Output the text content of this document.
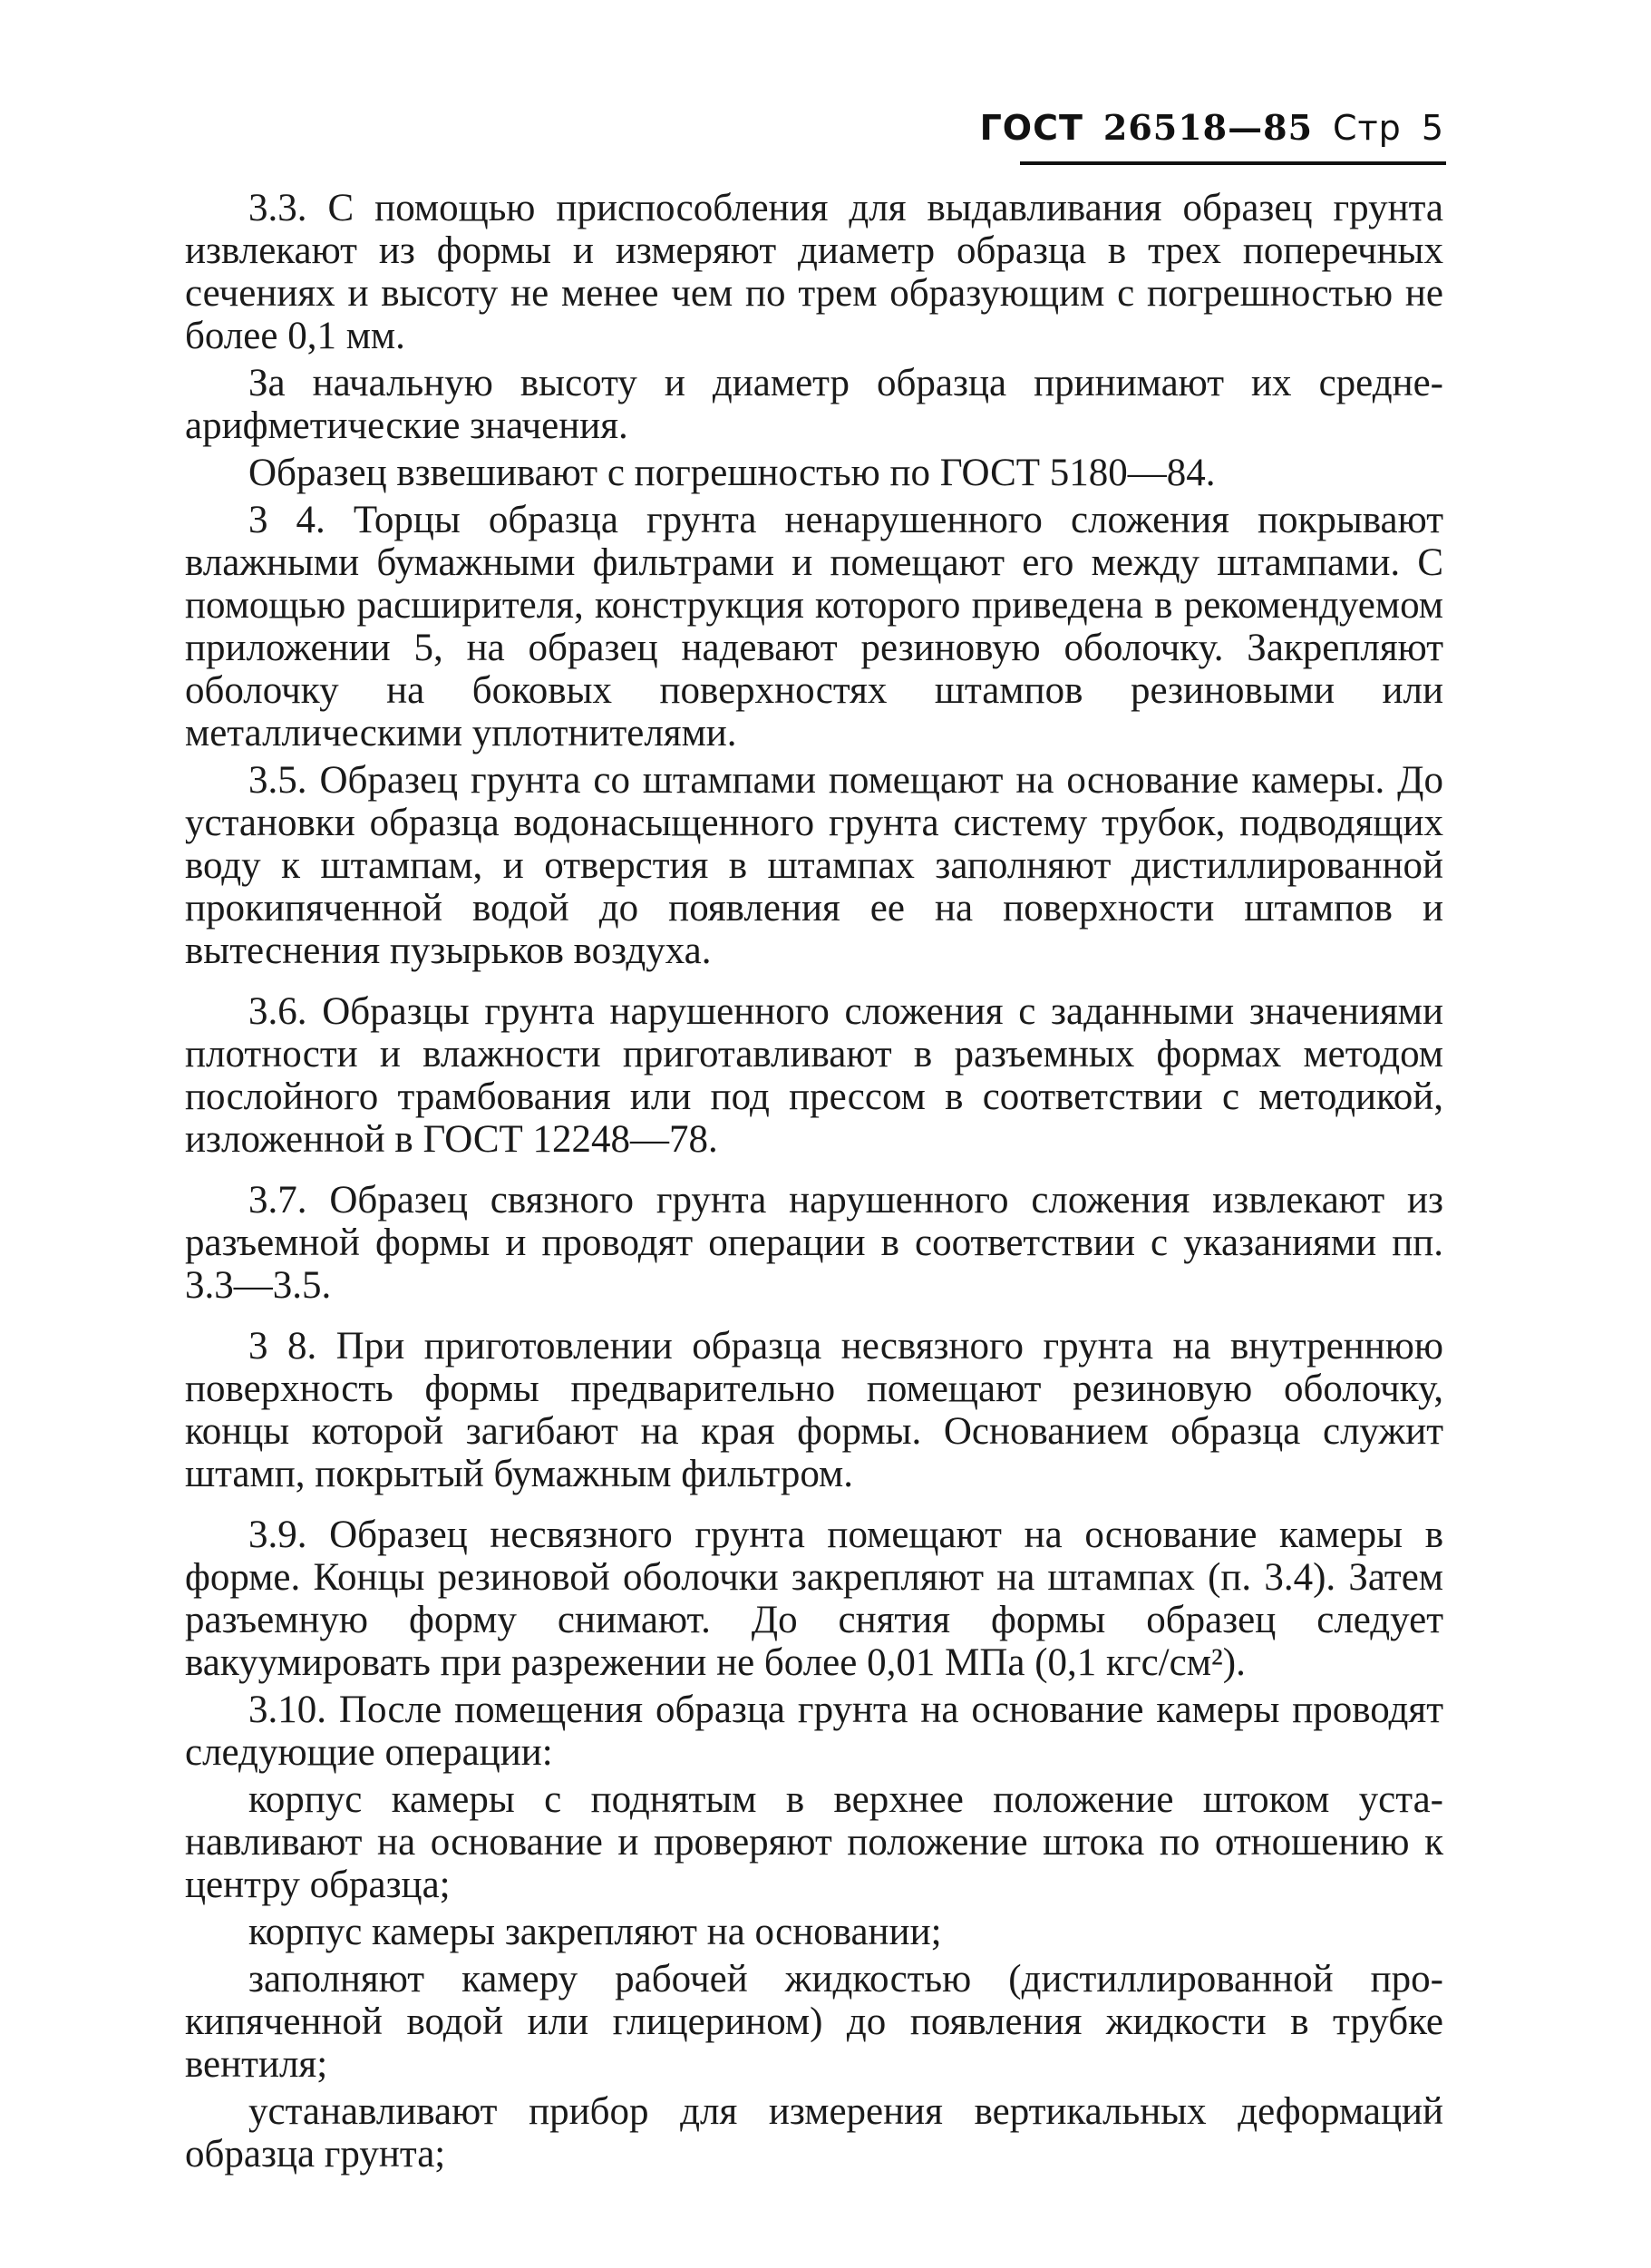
ГОСТ 26518—85 Стр 5

3.3. С помощью приспособления для выдавливания образец грунта извлекают из формы и измеряют диаметр образца в трех поперечных сечениях и высоту не менее чем по трем образующим с погрешностью не более 0,1 мм.

За начальную высоту и диаметр образца принимают их среднеарифметические значения.

Образец взвешивают с погрешностью по ГОСТ 5180—84.

3 4. Торцы образца грунта ненарушенного сложения покрывают влажными бумажными фильтрами и помещают его между штампами. С помощью расширителя, конструкция которого приведена в рекомендуемом приложении 5, на образец надевают резиновую оболочку. Закрепляют оболочку на боковых поверхностях штампов резиновыми или металлическими уплотнителями.

3.5. Образец грунта со штампами помещают на основание камеры. До установки образца водонасыщенного грунта систему трубок, подводящих воду к штампам, и отверстия в штампах заполняют дистиллированной прокипяченной водой до появления ее на поверхности штампов и вытеснения пузырьков воздуха.

3.6. Образцы грунта нарушенного сложения с заданными значениями плотности и влажности приготавливают в разъемных формах методом послойного трамбования или под прессом в соответствии с методикой, изложенной в ГОСТ 12248—78.

3.7. Образец связного грунта нарушенного сложения извлекают из разъемной формы и проводят операции в соответствии с указаниями пп. 3.3—3.5.

3 8. При приготовлении образца несвязного грунта на внутреннюю поверхность формы предварительно помещают резиновую оболочку, концы которой загибают на края формы. Основанием образца служит штамп, покрытый бумажным фильтром.

3.9. Образец несвязного грунта помещают на основание камеры в форме. Концы резиновой оболочки закрепляют на штампах (п. 3.4). Затем разъемную форму снимают. До снятия формы образец следует вакуумировать при разрежении не более 0,01 МПа (0,1 кгс/см²).

3.10. После помещения образца грунта на основание камеры проводят следующие операции:

корпус камеры с поднятым в верхнее положение штоком устанавливают на основание и проверяют положение штока по отношению к центру образца;

корпус камеры закрепляют на основании;

заполняют камеру рабочей жидкостью (дистиллированной прокипяченной водой или глицерином) до появления жидкости в трубке вентиля;

устанавливают прибор для измерения вертикальных деформаций образца грунта;
